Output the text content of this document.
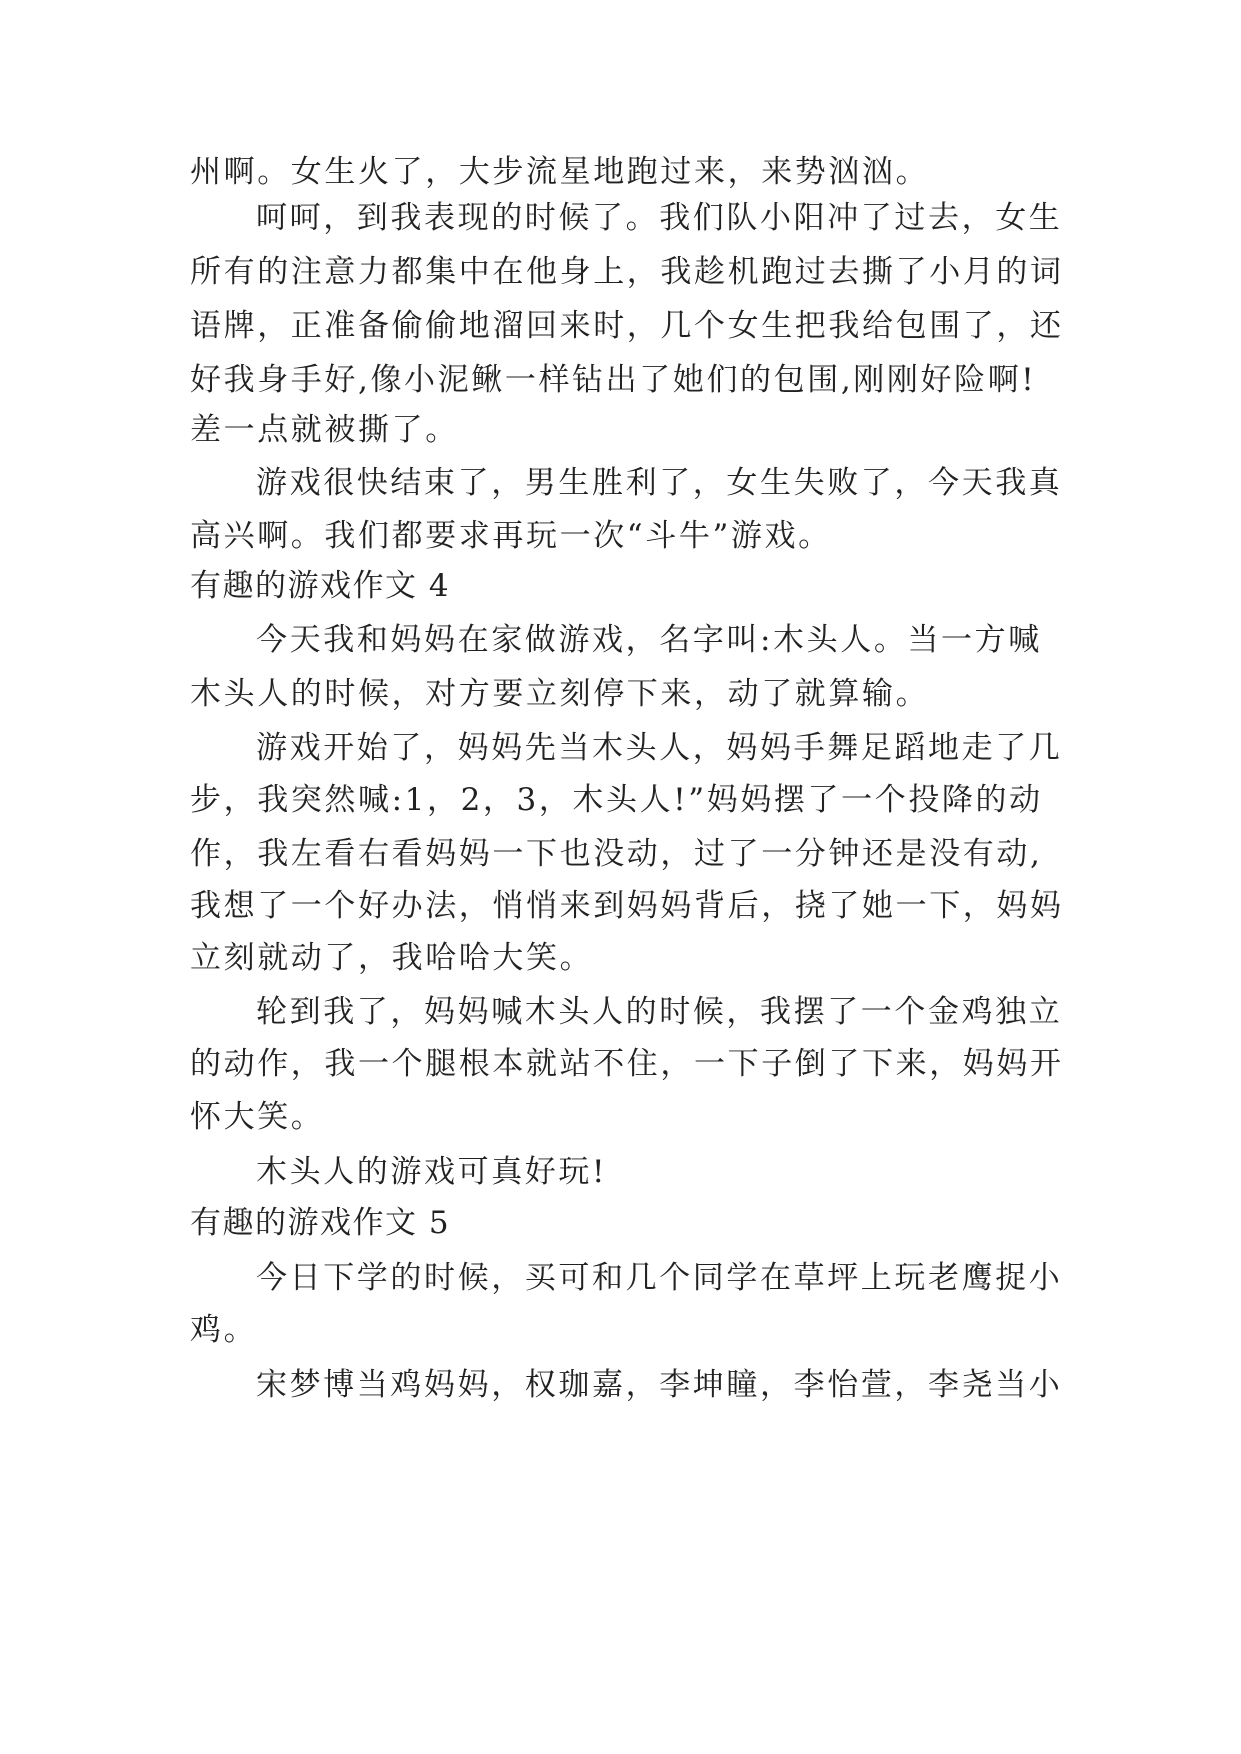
州啊。女生火了，大步流星地跑过来，来势汹汹。
呵呵，到我表现的时候了。我们队小阳冲了过去，女生
所有的注意力都集中在他身上，我趁机跑过去撕了小月的词
语牌，正准备偷偷地溜回来时，几个女生把我给包围了，还
好我身手好,像小泥鳅一样钻出了她们的包围,刚刚好险啊!
差一点就被撕了。
游戏很快结束了，男生胜利了，女生失败了，今天我真
高兴啊。我们都要求再玩一次“斗牛”游戏。
有趣的游戏作文 4
今天我和妈妈在家做游戏，名字叫:木头人。当一方喊
木头人的时候，对方要立刻停下来，动了就算输。
游戏开始了，妈妈先当木头人，妈妈手舞足蹈地走了几
步，我突然喊:1，2，3，木头人!”妈妈摆了一个投降的动
作，我左看右看妈妈一下也没动，过了一分钟还是没有动,
我想了一个好办法，悄悄来到妈妈背后，挠了她一下，妈妈
立刻就动了，我哈哈大笑。
轮到我了，妈妈喊木头人的时候，我摆了一个金鸡独立
的动作，我一个腿根本就站不住，一下子倒了下来，妈妈开
怀大笑。
木头人的游戏可真好玩!
有趣的游戏作文 5
今日下学的时候，买可和几个同学在草坪上玩老鹰捉小
鸡。
宋梦博当鸡妈妈，权珈嘉，李坤瞳，李怡萱，李尧当小
